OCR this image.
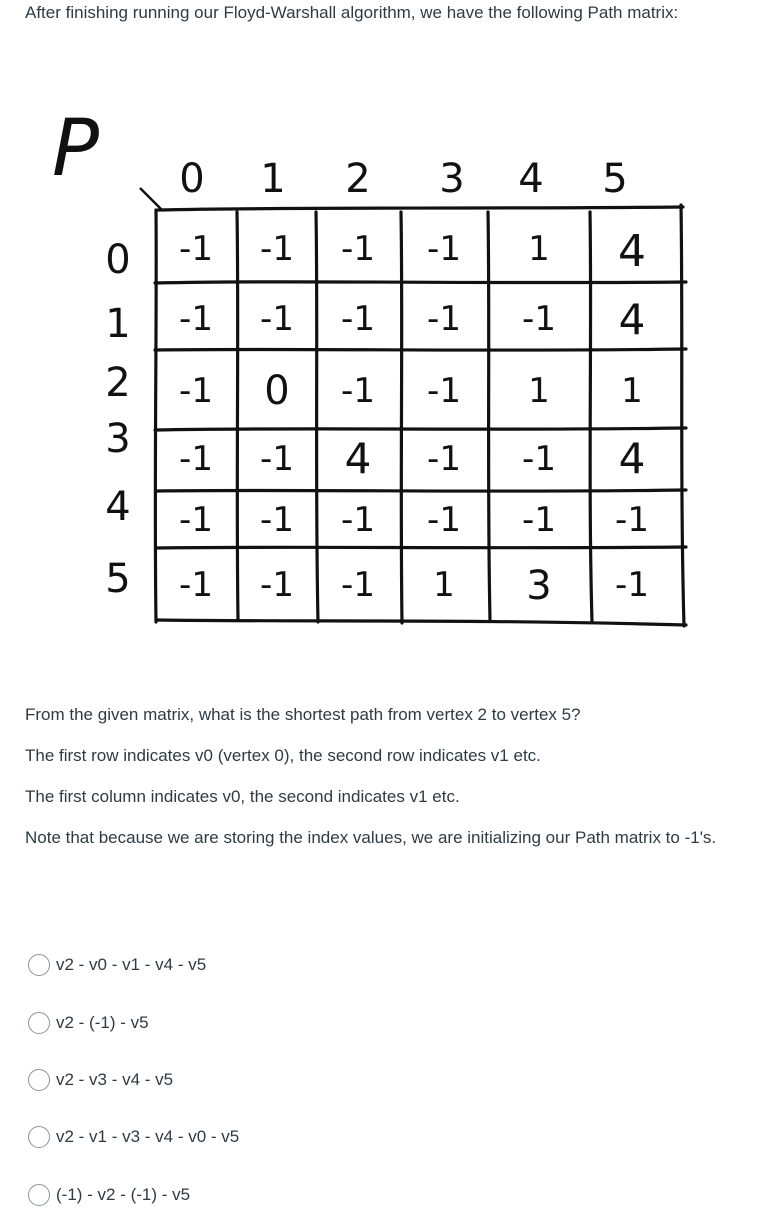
After finishing running our Floyd-Warshall algorithm, we have the following Path matrix:
P 0 1 2 3 4 5
0
1
2
3
4
5
-1 -1 -1 -1 1 4
-1 -1 -1 -1 -1 4
-1 0 -1 -1 1 1
-1 -1 4 -1 -1 4
-1 -1 -1 -1 -1 -1
-1 -1 -1 1 3 -1

From the given matrix, what is the shortest path from vertex 2 to vertex 5?

The first row indicates v0 (vertex 0), the second row indicates v1 etc.

The first column indicates v0, the second indicates v1 etc.

Note that because we are storing the index values, we are initializing our Path matrix to -1's.

v2 - v0 - v1 - v4 - v5
v2 - (-1) - v5
v2 - v3 - v4 - v5
v2 - v1 - v3 - v4 - v0 - v5
(-1) - v2 - (-1) - v5
